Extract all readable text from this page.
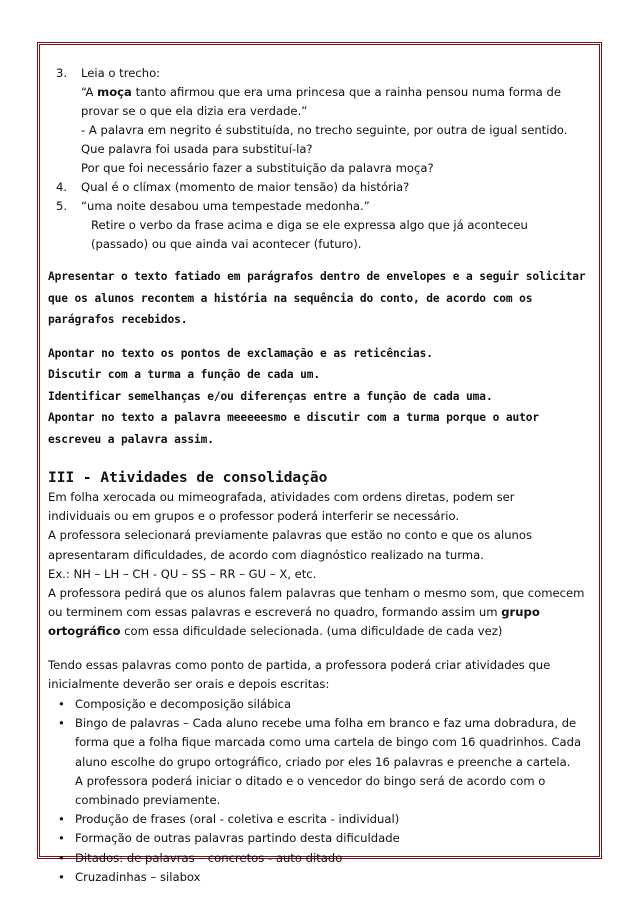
3. Leia o trecho:
“A moça tanto afirmou que era uma princesa que a rainha pensou numa forma de
provar se o que ela dizia era verdade.”
- A palavra em negrito é substituída, no trecho seguinte, por outra de igual sentido.
Que palavra foi usada para substituí-la?
Por que foi necessário fazer a substituição da palavra moça?
4. Qual é o clímax (momento de maior tensão) da história?
5. “uma noite desabou uma tempestade medonha.”
Retire o verbo da frase acima e diga se ele expressa algo que já aconteceu
(passado) ou que ainda vai acontecer (futuro).
Apresentar o texto fatiado em parágrafos dentro de envelopes e a seguir solicitar
que os alunos recontem a história na sequência do conto, de acordo com os
parágrafos recebidos.
Apontar no texto os pontos de exclamação e as reticências.
Discutir com a turma a função de cada um.
Identificar semelhanças e/ou diferenças entre a função de cada uma.
Apontar no texto a palavra meeeeesmo e discutir com a turma porque o autor
escreveu a palavra assim.
III - Atividades de consolidação
Em folha xerocada ou mimeografada, atividades com ordens diretas, podem ser
individuais ou em grupos e o professor poderá interferir se necessário.
A professora selecionará previamente palavras que estão no conto e que os alunos
apresentaram dificuldades, de acordo com diagnóstico realizado na turma.
Ex.: NH – LH – CH - QU – SS – RR – GU – X, etc.
A professora pedirá que os alunos falem palavras que tenham o mesmo som, que comecem
ou terminem com essas palavras e escreverá no quadro, formando assim um grupo
ortográfico com essa dificuldade selecionada. (uma dificuldade de cada vez)
Tendo essas palavras como ponto de partida, a professora poderá criar atividades que
inicialmente deverão ser orais e depois escritas:
• Composição e decomposição silábica
• Bingo de palavras – Cada aluno recebe uma folha em branco e faz uma dobradura, de
forma que a folha fique marcada como uma cartela de bingo com 16 quadrinhos. Cada
aluno escolhe do grupo ortográfico, criado por eles 16 palavras e preenche a cartela.
A professora poderá iniciar o ditado e o vencedor do bingo será de acordo com o
combinado previamente.
• Produção de frases (oral - coletiva e escrita - individual)
• Formação de outras palavras partindo desta dificuldade
• Ditados: de palavras – concretos - auto ditado
• Cruzadinhas – silabox
